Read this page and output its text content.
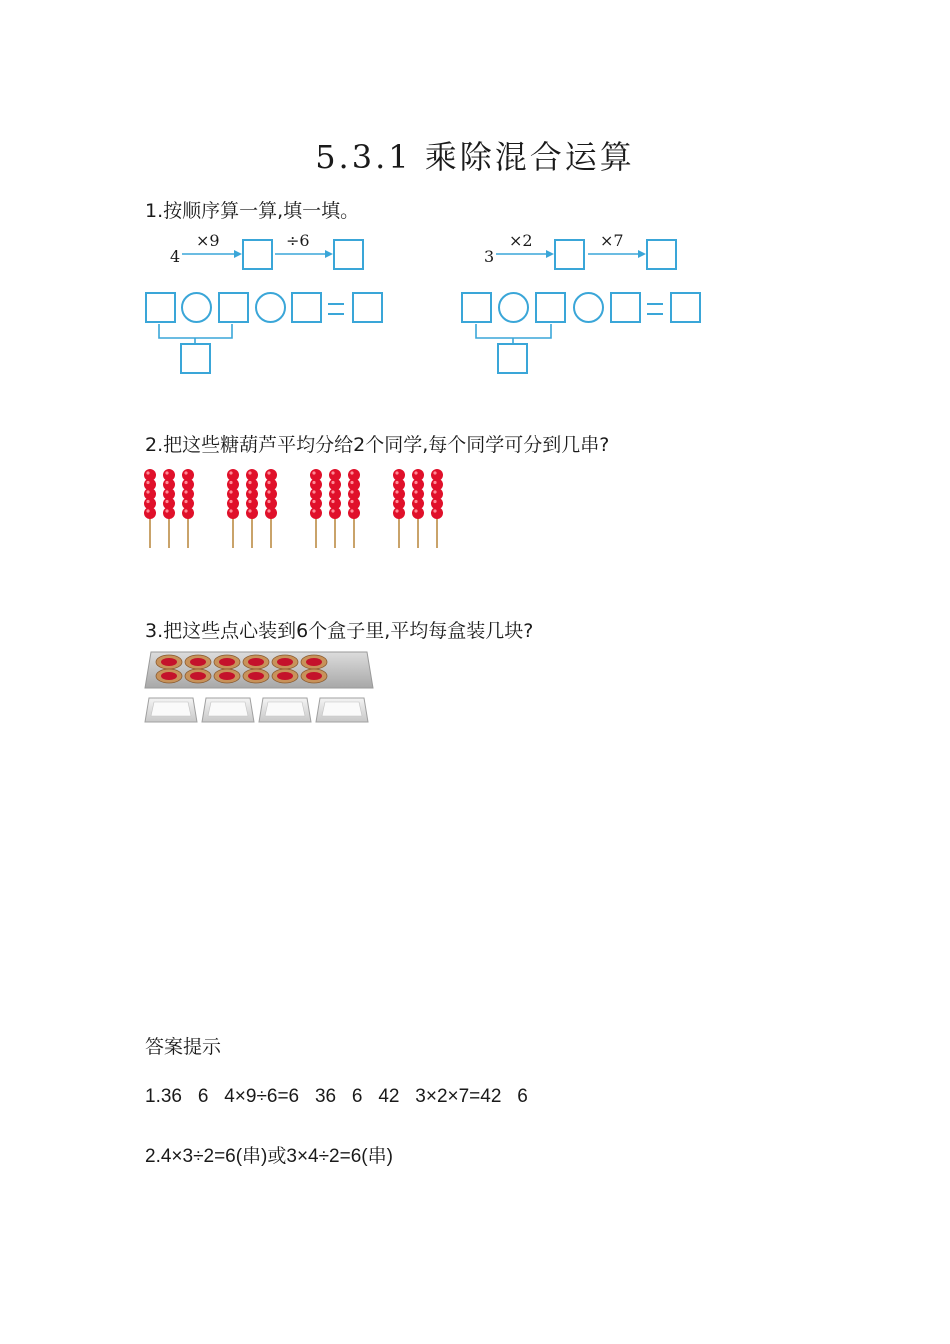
5.3.1 乘除混合运算
1.按顺序算一算,填一填。
4
×9	÷6
3
×2	×7
2.把这些糖葫芦平均分给2个同学,每个同学可分到几串?
3.把这些点心装到6个盒子里,平均每盒装几块?
答案提示
1.36   6   4×9÷6=6   36   6   42   3×2×7=42   6
2.4×3÷2=6(串)或3×4÷2=6(串)
